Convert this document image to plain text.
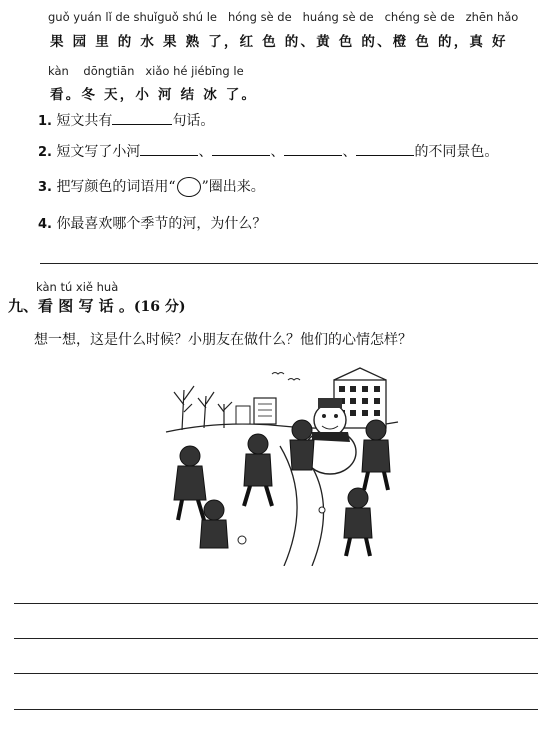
guǒ yuán lǐ de shuǐguǒ shú le hóng sè de huáng sè de chéng sè de zhēn hǎo
果 园 里 的 水 果 熟 了，红 色 的、黄 色 的、橙 色 的，真 好
kàn dōngtiān xiǎo hé jiébīng le
看。冬 天，小 河 结 冰 了。
1. 短文共有	句话。
2. 短文写了小河	、	、	、	的不同景色。
3. 把写颜色的词语用“ ”圈出来。
4. 你最喜欢哪个季节的河，为什么？
kàn tú xiě huà
九、看 图 写 话 。(16 分)
想一想，这是什么时候？小朋友在做什么？他们的心情怎样？
